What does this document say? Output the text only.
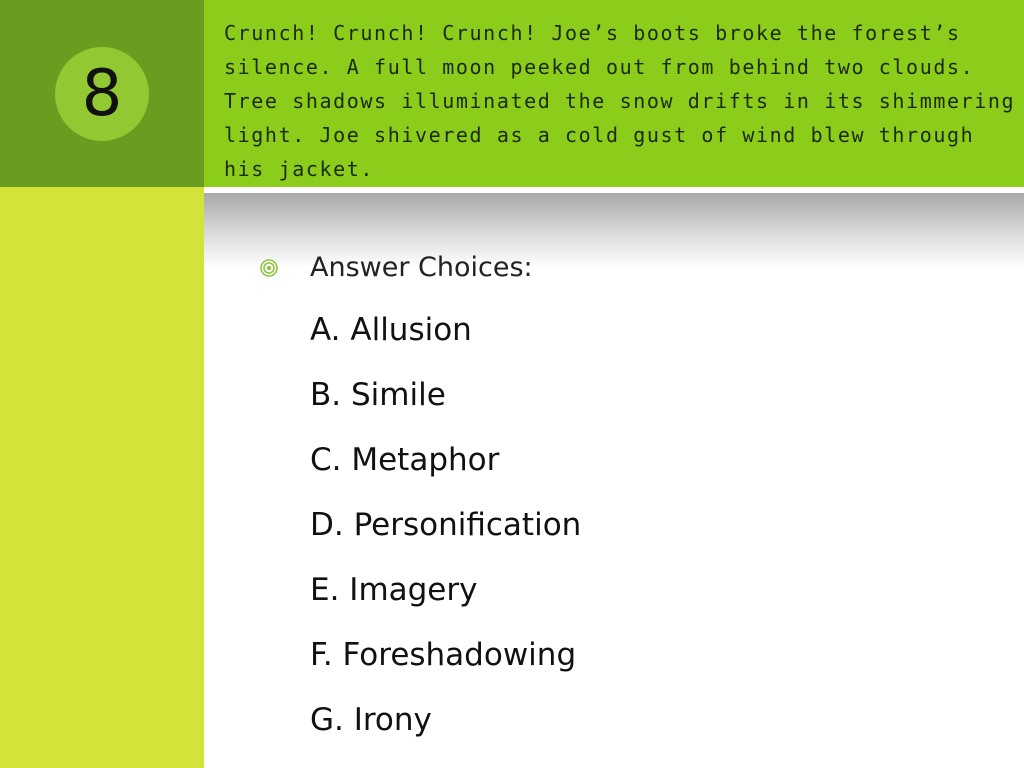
8
Crunch! Crunch! Crunch! Joe’s boots broke the forest’s silence. A full moon peeked out from behind two clouds. Tree shadows illuminated the snow drifts in its shimmering light. Joe shivered as a cold gust of wind blew through his jacket.
Answer Choices:
A. Allusion
B. Simile
C. Metaphor
D. Personification
E. Imagery
F. Foreshadowing
G. Irony
